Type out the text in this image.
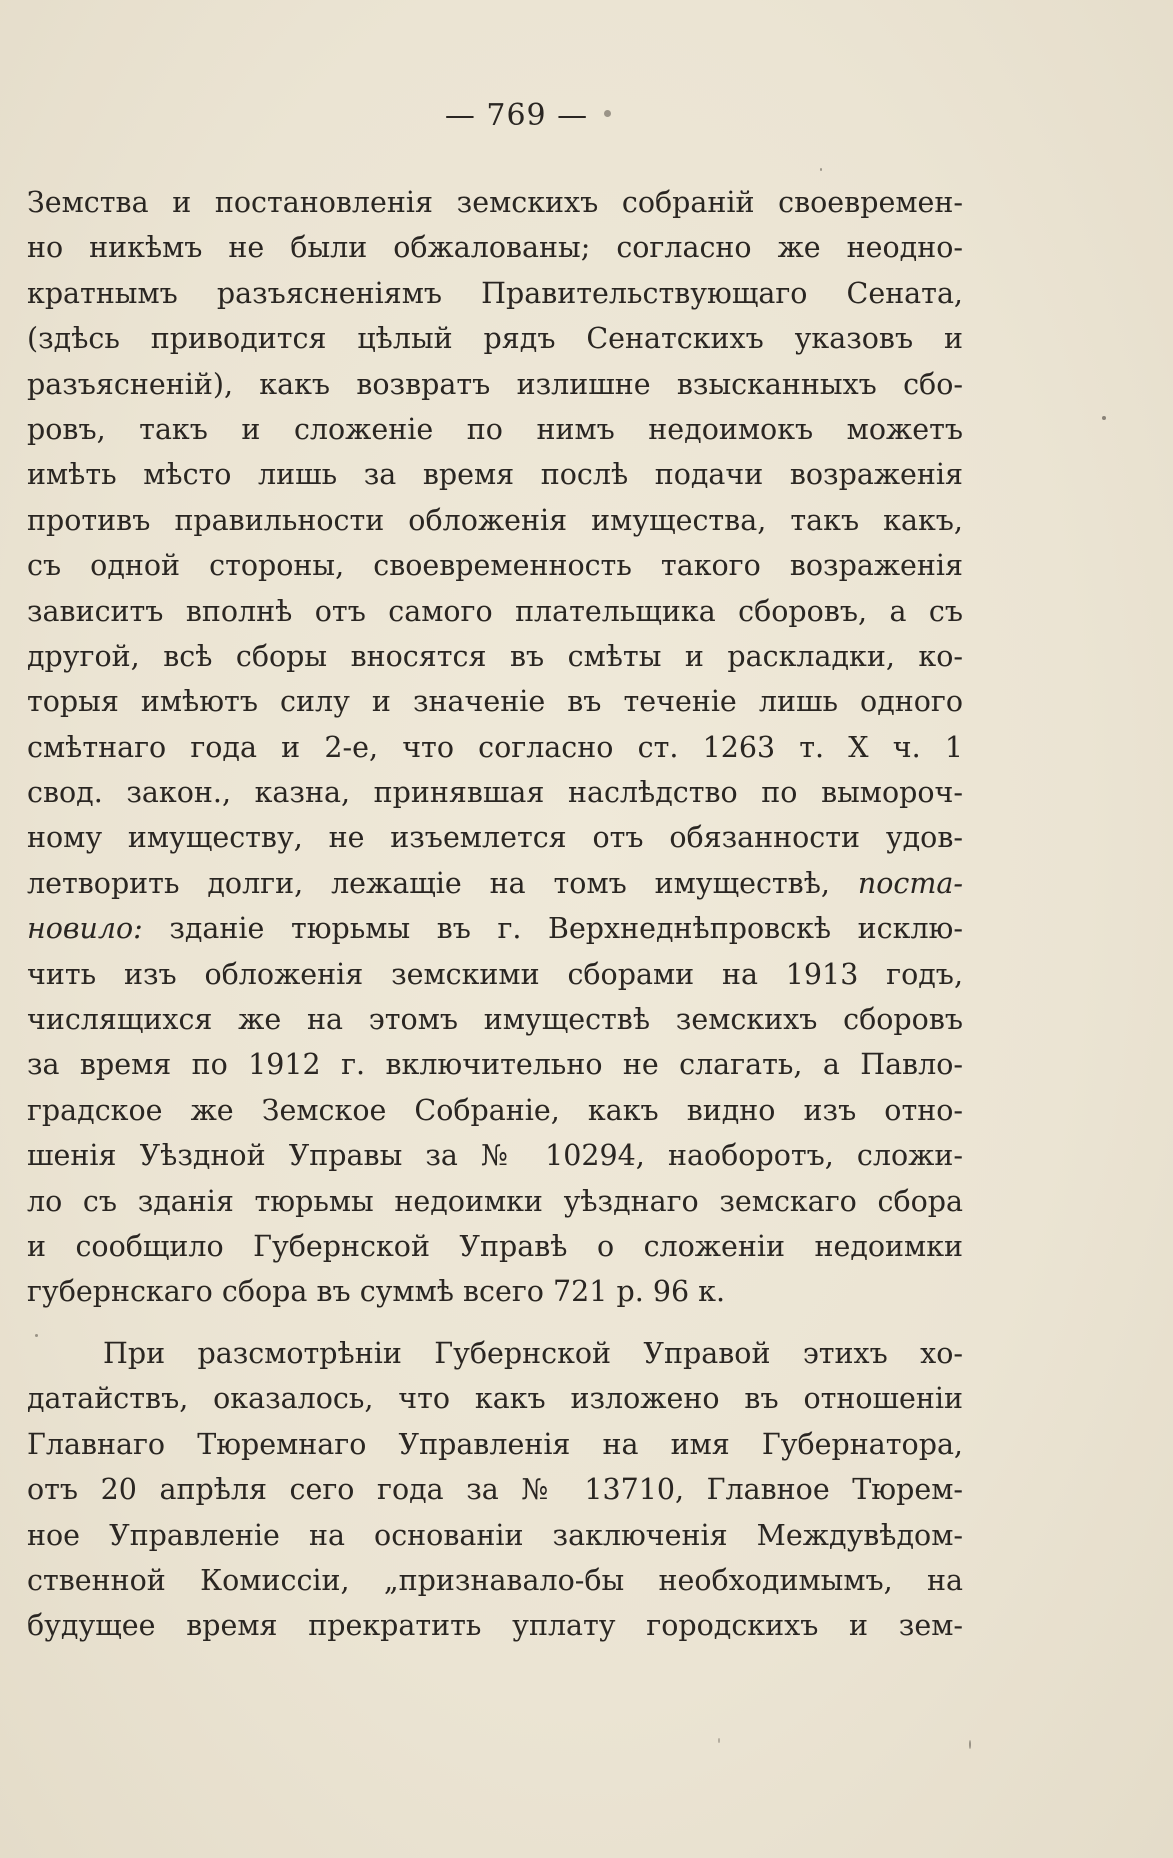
— 769 —
Земства и постановленія земскихъ собраній своевремен-
но никѣмъ не были обжалованы; согласно же неодно-
кратнымъ разъясненіямъ Правительствующаго Сената,
(здѣсь приводится цѣлый рядъ Сенатскихъ указовъ и
разъясненій), какъ возвратъ излишне взысканныхъ сбо-
ровъ, такъ и сложеніе по нимъ недоимокъ можетъ
имѣть мѣсто лишь за время послѣ подачи возраженія
противъ правильности обложенія имущества, такъ какъ,
съ одной стороны, своевременность такого возраженія
зависитъ вполнѣ отъ самого плательщика сборовъ, а съ
другой, всѣ сборы вносятся въ смѣты и раскладки, ко-
торыя имѣютъ силу и значеніе въ теченіе лишь одного
смѣтнаго года и 2-е, что согласно ст. 1263 т. X ч. 1
свод. закон., казна, принявшая наслѣдство по выморoч-
ному имуществу, не изъемлется отъ обязанности удов-
летворить долги, лежащіе на томъ имуществѣ, поста-
новило: зданіе тюрьмы въ г. Верхнеднѣпровскѣ исклю-
чить изъ обложенія земскими сборами на 1913 годъ,
числящихся же на этомъ имуществѣ земскихъ сборовъ
за время по 1912 г. включительно не слагать, а Павло-
градское же Земское Собраніе, какъ видно изъ отно-
шенія Уѣздной Управы за № 10294, наоборотъ, сложи-
ло съ зданія тюрьмы недоимки уѣзднаго земскаго сбора
и сообщило Губернской Управѣ о сложеніи недоимки
губернскаго сбора въ суммѣ всего 721 р. 96 к.
При разсмотрѣніи Губернской Управой этихъ хо-
датайствъ, оказалось, что какъ изложено въ отношеніи
Главнаго Тюремнаго Управленія на имя Губернатора,
отъ 20 апрѣля сего года за № 13710, Главное Тюрем-
ное Управленіе на основаніи заключенія Междувѣдом-
ственной Комиссіи, „признавало-бы необходимымъ, на
будущее время прекратить уплату городскихъ и зем-
